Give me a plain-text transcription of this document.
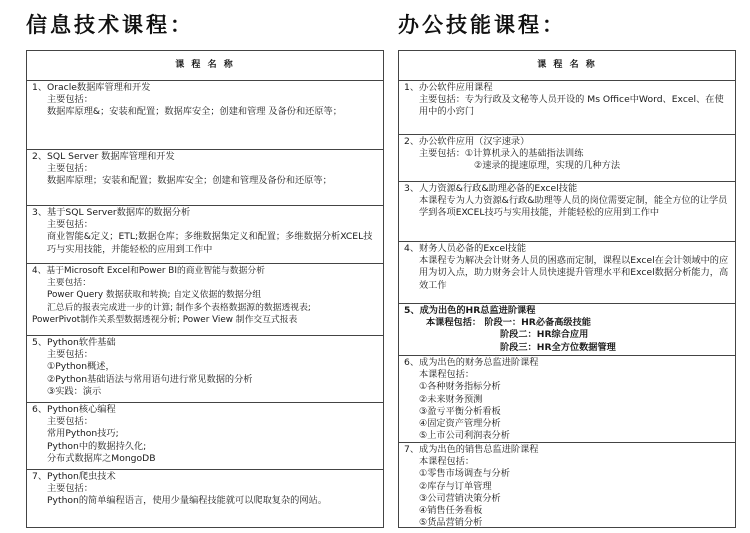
信息技术课程：	办公技能课程：
课 程 名 称
1、Oracle数据库管理和开发
主要包括：
数据库原理&；安装和配置；数据库安全；创建和管理 及备份和还原等；
2、SQL Server 数据库管理和开发
主要包括：
数据库原理；安装和配置；数据库安全；创建和管理及备份和还原等；
3、基于SQL Server数据库的数据分析
主要包括：
商业智能&定义；ETL;数据仓库；多维数据集定义和配置；多维数据分析XCEL技巧与实用技能，并能轻松的应用到工作中
4、基于Microsoft Excel和Power BI的商业智能与数据分析
主要包括：
Power Query 数据获取和转换; 自定义依据的数据分组
汇总后的报表完成进一步的计算; 制作多个表格数据源的数据透视表;
PowerPivot制作关系型数据透视分析; Power View 制作交互式报表
5、Python软件基础
主要包括：
①Python概述，
②Python基础语法与常用语句进行常见数据的分析
③实践：演示
6、Python核心编程
主要包括：
常用Python技巧;
Python中的数据持久化;
分布式数据库之MongoDB
7、Python爬虫技术
主要包括：
Python的简单编程语言，使用少量编程技能就可以爬取复杂的网站。
课 程 名 称
1、办公软件应用课程
主要包括：专为行政及文秘等人员开设的 Ms Office中Word、Excel、在使用中的小窍门
2、办公软件应用（汉字速录）
主要包括：①计算机录入的基础指法训练
②速录的提速原理，实现的几种方法
3、人力资源&行政&助理必备的Excel技能
本课程专为人力资源&行政&助理等人员的岗位需要定制，能全方位的让学员学到各项EXCEL技巧与实用技能，并能轻松的应用到工作中
4、财务人员必备的Excel技能
本课程专为解决会计财务人员的困惑而定制，课程以Excel在会计领域中的应用为切入点，助力财务会计人员快速提升管理水平和Excel数据分析能力，高效工作
5、成为出色的HR总监进阶课程
本课程包括： 阶段一：HR必备高级技能
阶段二：HR综合应用
阶段三：HR全方位数据管理
6、成为出色的财务总监进阶课程
本课程包括：
①各种财务指标分析
②未来财务预测
③盈亏平衡分析看板
④固定资产管理分析
⑤上市公司利润表分析
7、成为出色的销售总监进阶课程
本课程包括：
①零售市场调查与分析
②库存与订单管理
③公司营销决策分析
④销售任务看板
⑤货品营销分析
